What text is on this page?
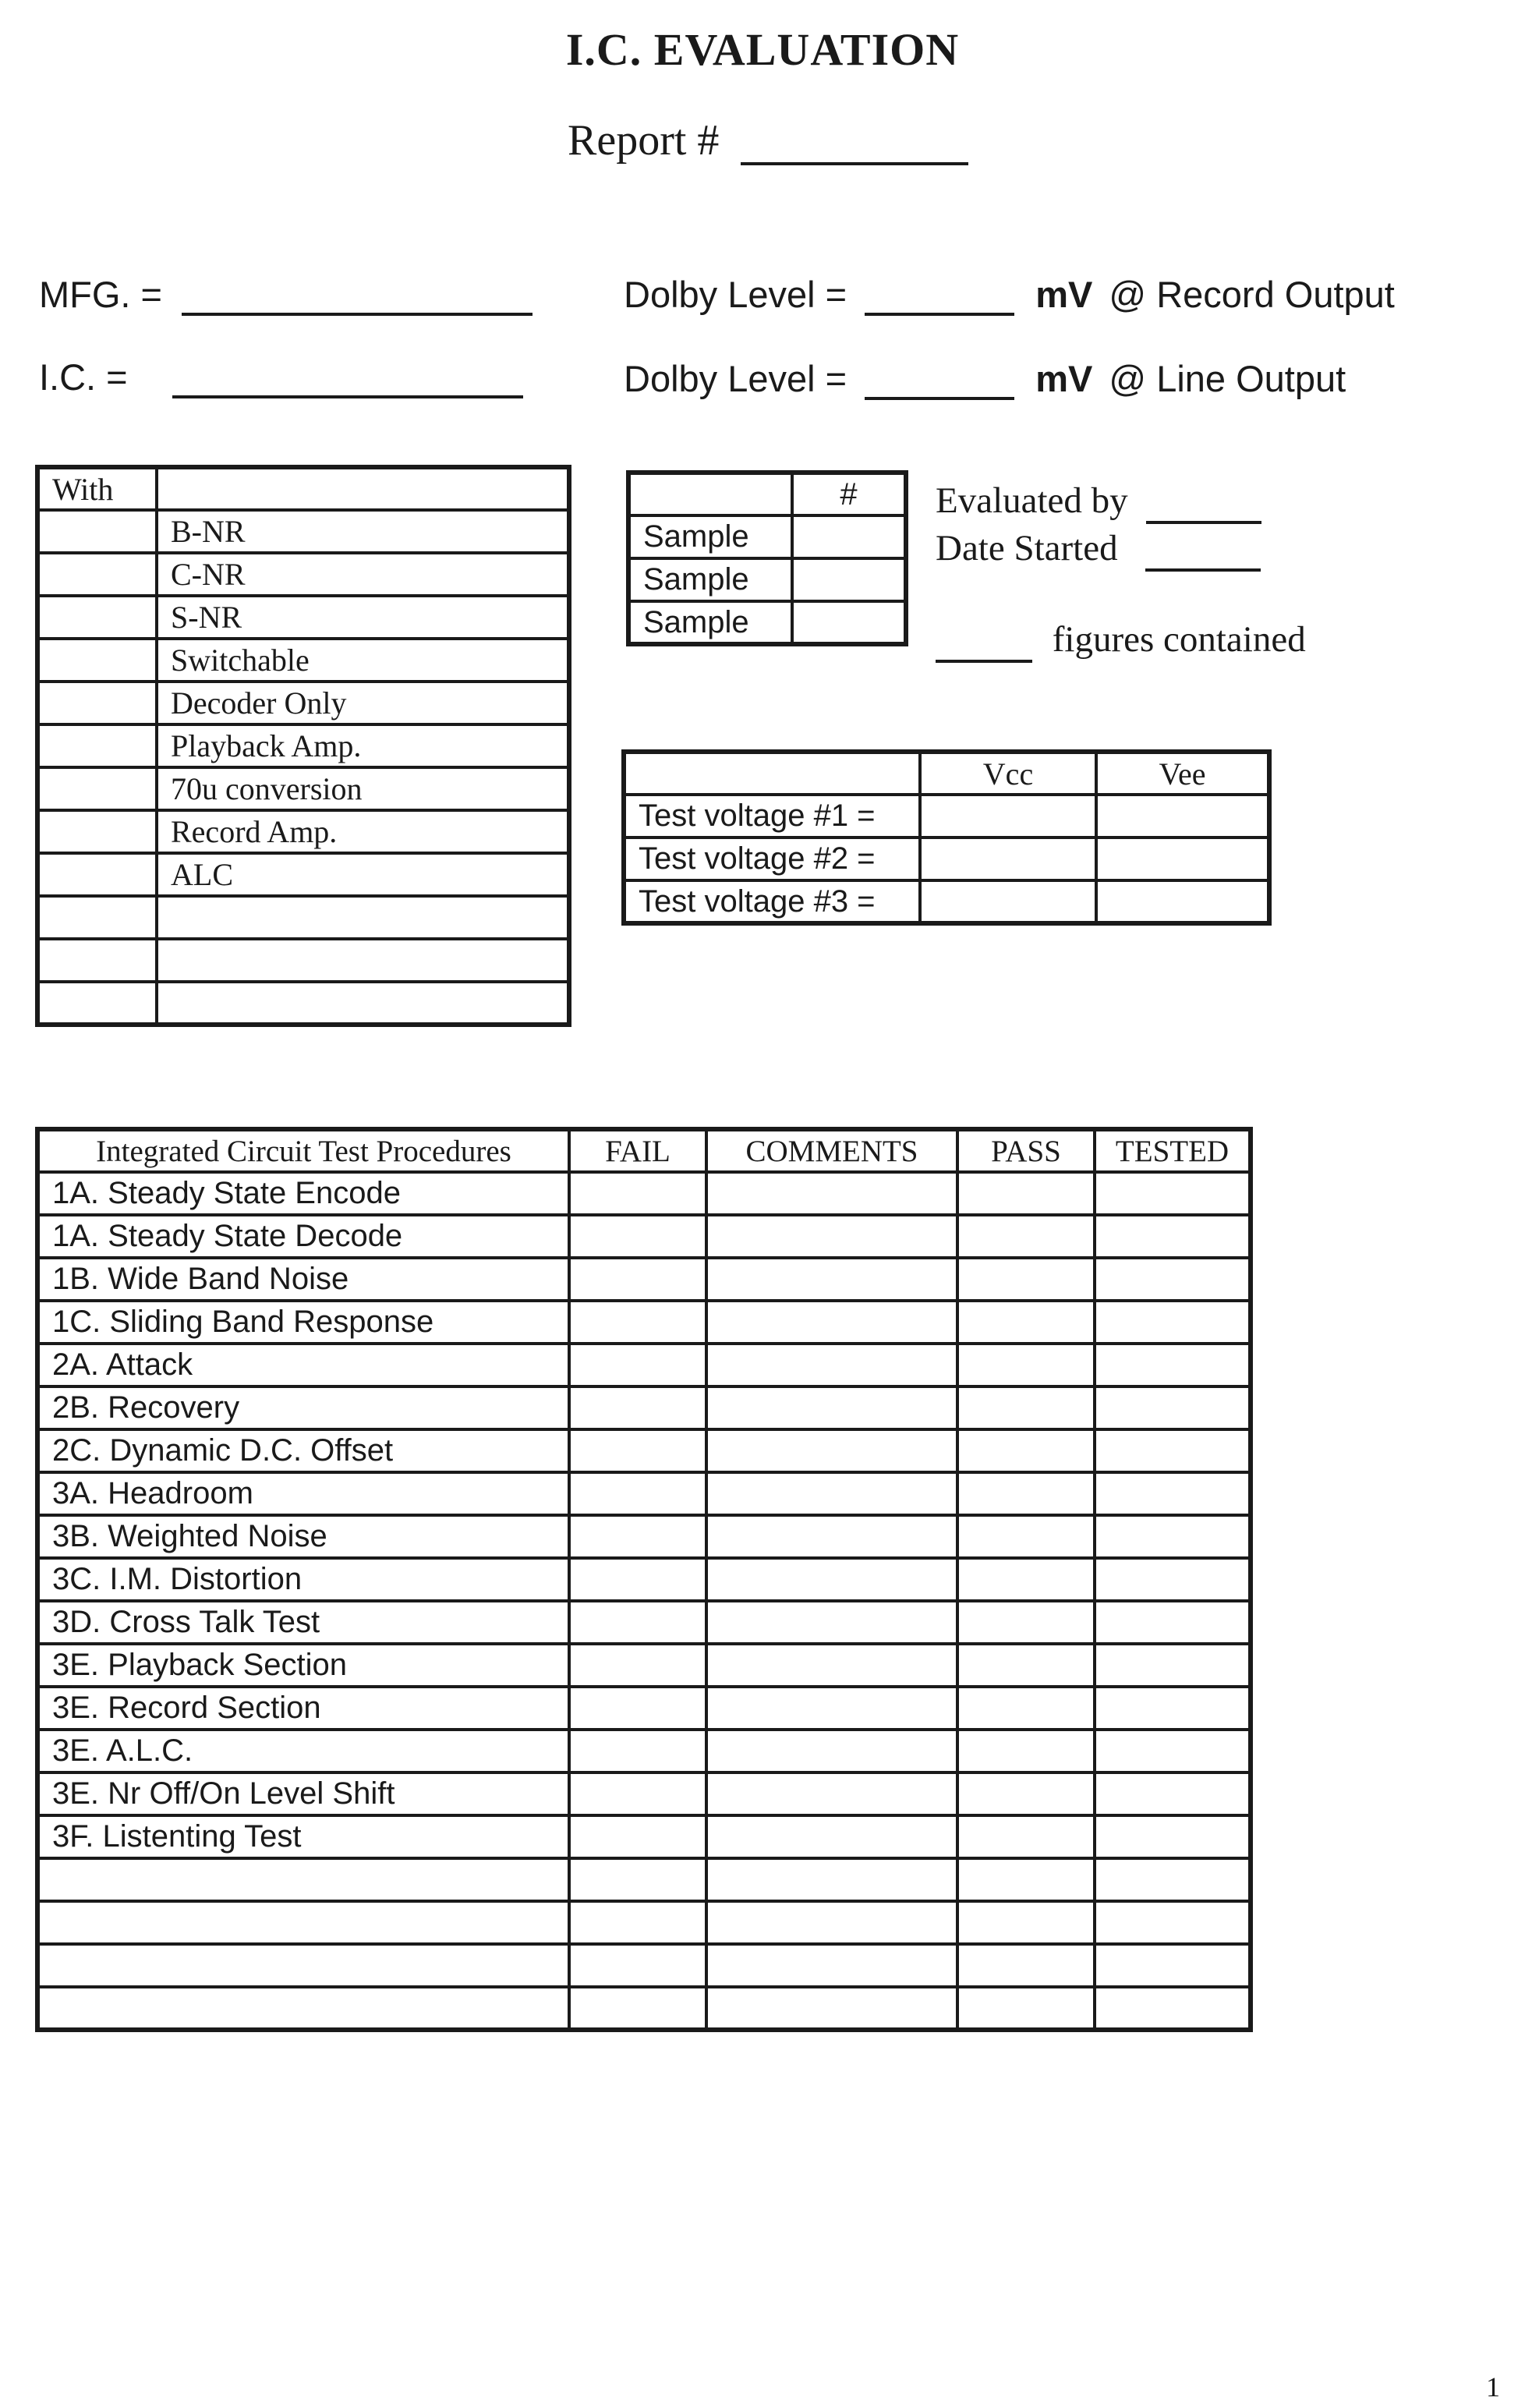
I.C. EVALUATION
Report #
MFG. =
I.C. =
Dolby Level =	mV @ Record Output
Dolby Level =	mV @ Line Output
With	
	B-NR
	C-NR
	S-NR
	Switchable
	Decoder Only
	Playback Amp.
	70u conversion
	Record Amp.
	ALC

	#
Sample	
Sample	
Sample	
Evaluated by
Date Started
figures contained
	Vcc	Vee
Test voltage #1 =		
Test voltage #2 =		
Test voltage #3 =		
Integrated Circuit Test Procedures	FAIL	COMMENTS	PASS	TESTED
1A. Steady State Encode				
1A. Steady State Decode				
1B. Wide Band Noise				
1C. Sliding Band Response				
2A. Attack				
2B. Recovery				
2C. Dynamic D.C. Offset				
3A. Headroom				
3B. Weighted Noise				
3C. I.M. Distortion				
3D. Cross Talk Test				
3E. Playback Section				
3E. Record Section				
3E. A.L.C.				
3E. Nr Off/On Level Shift				
3F. Listenting Test				

1
